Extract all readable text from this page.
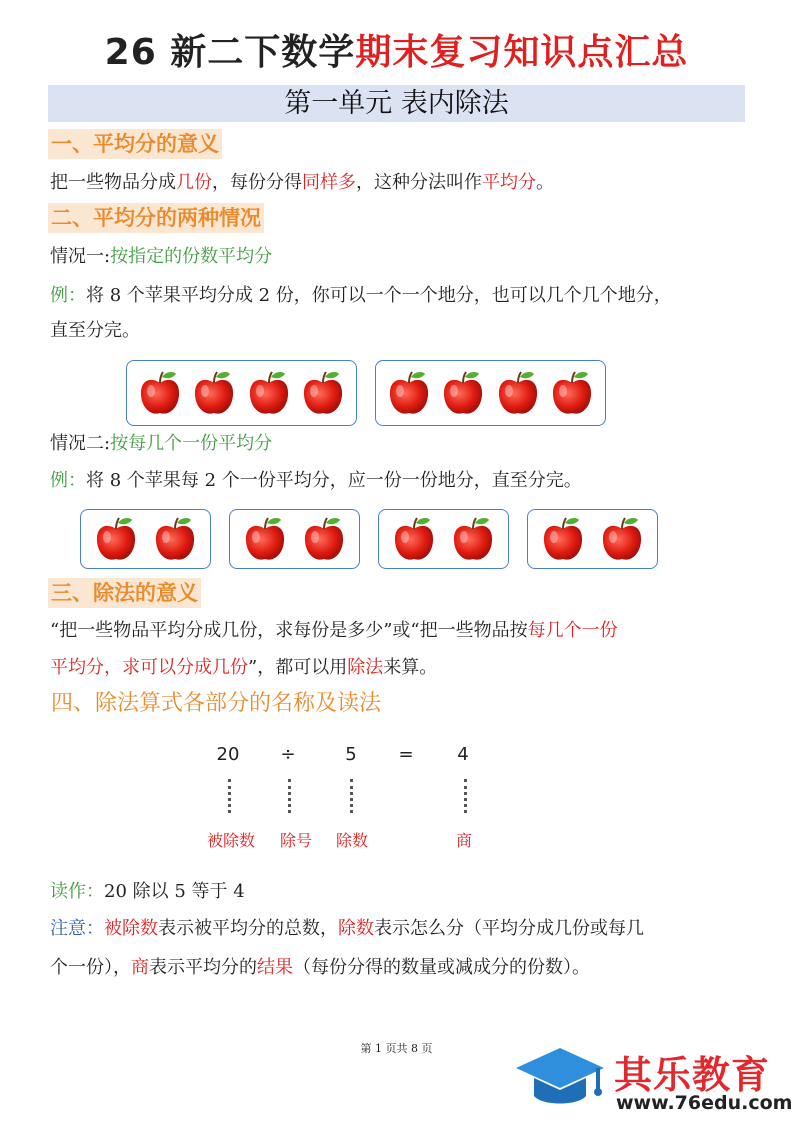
26 新二下数学期末复习知识点汇总
第一单元 表内除法
一、平均分的意义
把一些物品分成几份，每份分得同样多，这种分法叫作平均分。
二、平均分的两种情况
情况一:按指定的份数平均分
例：将 8 个苹果平均分成 2 份，你可以一个一个地分，也可以几个几个地分，
直至分完。
情况二:按每几个一份平均分
例：将 8 个苹果每 2 个一份平均分，应一份一份地分，直至分完。
三、除法的意义
“把一些物品平均分成几份，求每份是多少”或“把一些物品按每几个一份
平均分，求可以分成几份”，都可以用除法来算。
四、除法算式各部分的名称及读法
20	÷	5	=	4
被除数	除号	除数	商
读作：20 除以 5 等于 4
注意：被除数表示被平均分的总数，除数表示怎么分（平均分成几份或每几
个一份），商表示平均分的结果（每份分得的数量或减成分的份数）。
第 1 页共 8 页
其乐教育
www.76edu.com
